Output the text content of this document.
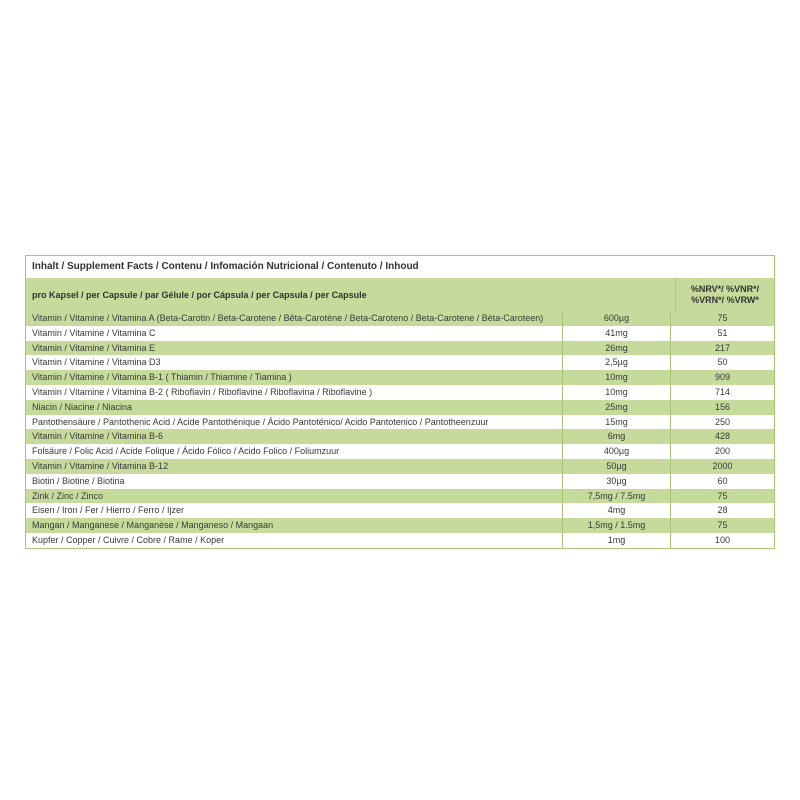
Inhalt / Supplement Facts / Contenu / Infomación Nutricional / Contenuto / Inhoud
pro Kapsel / per Capsule / par Gélule / por Cápsula / per Capsula / per Capsule
%NRV*/ %VNR*/ %VRN*/ %VRW*
Vitamin / Vitamine / Vitamina A (Beta-Carotin / Beta-Carotene / Bêta-Carotène / Beta-Caroteno / Beta-Carotene / Bèta-Caroteen)	600µg	75
Vitamin / Vitamine / Vitamina C	41mg	51
Vitamin / Vitamine / Vitamina E	26mg	217
Vitamin / Vitamine / Vitamina D3	2,5µg	50
Vitamin / Vitamine / Vitamina B-1 ( Thiamin / Thiamine / Tiamina )	10mg	909
Vitamin / Vitamine / Vitamina B-2 ( Riboflavin / Riboflavine / Riboflavina / Riboflavine )	10mg	714
Niacin / Niacine / Niacina	25mg	156
Pantothensäure / Pantothenic Acid / Acide Pantothénique / Ácido Pantoténico/ Acido Pantotenico / Pantotheenzuur	15mg	250
Vitamin / Vitamine / Vitamina B-6	6mg	428
Folsäure / Folic Acid / Acide Folique / Ácido Fólico / Acido Folico / Foliumzuur	400µg	200
Vitamin / Vitamine / Vitamina B-12	50µg	2000
Biotin / Biotine / Biotina	30µg	60
Zink / Zinc / Zinco	7,5mg / 7.5mg	75
Eisen / Iron / Fer / Hierro / Ferro / Ijzer	4mg	28
Mangan / Manganese / Manganèse / Manganeso / Mangaan	1,5mg / 1.5mg	75
Kupfer / Copper / Cuivre / Cobre / Rame / Koper	1mg	100
